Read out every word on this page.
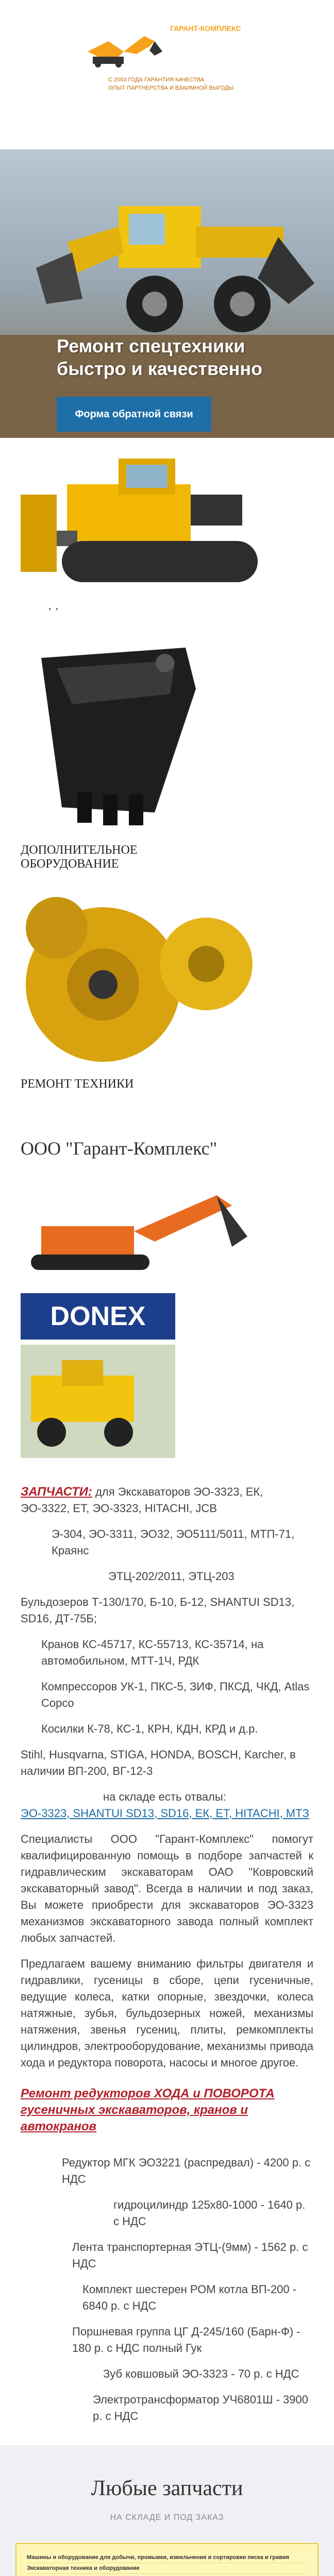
ГАРАНТ-КОМПЛЕКС
С 2003 ГОДА ГАРАНТИЯ КАЧЕСТВА
ОПЫТ ПАРТНЕРСТВА И ВЗАИМНОЙ ВЫГОДЫ
Ремонт спецтехники быстро и качественно
Форма обратной связи
ДОПОЛНИТЕЛЬНОЕ ОБОРУДОВАНИЕ
РЕМОНТ ТЕХНИКИ
ООО "Гарант-Комплекс"
DONEX

ЗАПЧАСТИ: для Экскаваторов ЭО-3323, ЕК, ЭО-3322, ЕТ, ЭО-3323, HITACHI, JCB

Э-304, ЭО-3311, ЭО32, ЭО5111/5011, МТП-71, Краянс

ЭТЦ-202/2011, ЭТЦ-203

Бульдозеров Т-130/170, Б-10, Б-12, SHANTUI SD13, SD16, ДТ-75Б;

Кранов КС-45717, КС-55713, КС-35714, на автомобильном, МТТ-1Ч, РДК

Компрессоров УК-1, ПКС-5, ЗИФ, ПКСД, ЧКД, Atlas Copco

Косилки К-78, КС-1, КРН, КДН, КРД и д.р.

Stihl, Husqvarna, STIGA, HONDA, BOSCH, Karcher, в наличии ВП-200, ВГ-12-3

на складе есть отвалы:

ЭО-3323, SHANTUI SD13, SD16, ЕК, ЕТ, HITACHI, MTЗ

Специалисты ООО "Гарант-Комплекс" помогут квалифицированную помощь в подборе запчастей к гидравлическим экскаваторам ОАО "Ковровский экскаваторный завод". Всегда в наличии и под заказ, Вы можете приобрести для экскаваторов ЭО-3323 механизмов экскаваторного завода полный комплект любых запчастей.

Предлагаем вашему вниманию фильтры двигателя и гидравлики, гусеницы в сборе, цепи гусеничные, ведущие колеса, катки опорные, звездочки, колеса натяжные, зубья, бульдозерных ножей, механизмы натяжения, звенья гусениц, плиты, ремкомплекты цилиндров, электрооборудование, механизмы привода хода и редуктора поворота, насосы и многое другое.

Ремонт редукторов ХОДА и ПОВОРОТА гусеничных экскаваторов, кранов и автокранов

Редуктор МГК ЭО3221 (распредвал) - 4200 р. с НДС

гидроцилиндр 125х80-1000 - 1640 р. с НДС

Лента транспортерная ЭТЦ-(9мм) - 1562 р. с НДС

Комплект шестерен РОМ котла ВП-200 - 6840 р. с НДС

Поршневая группа ЦГ Д-245/160 (Барн-Ф) - 180 р. с НДС полный Гук

Зуб ковшовый ЭО-3323 - 70 р. с НДС

Электротрансформатор УЧ6801Ш - 3900 р. с НДС

Любые запчасти
НА СКЛАДЕ И ПОД ЗАКАЗ
Машины и оборудование для добычи, промывки, измельчения и сортировки песка и гравия
Экскаваторная техника и оборудование
